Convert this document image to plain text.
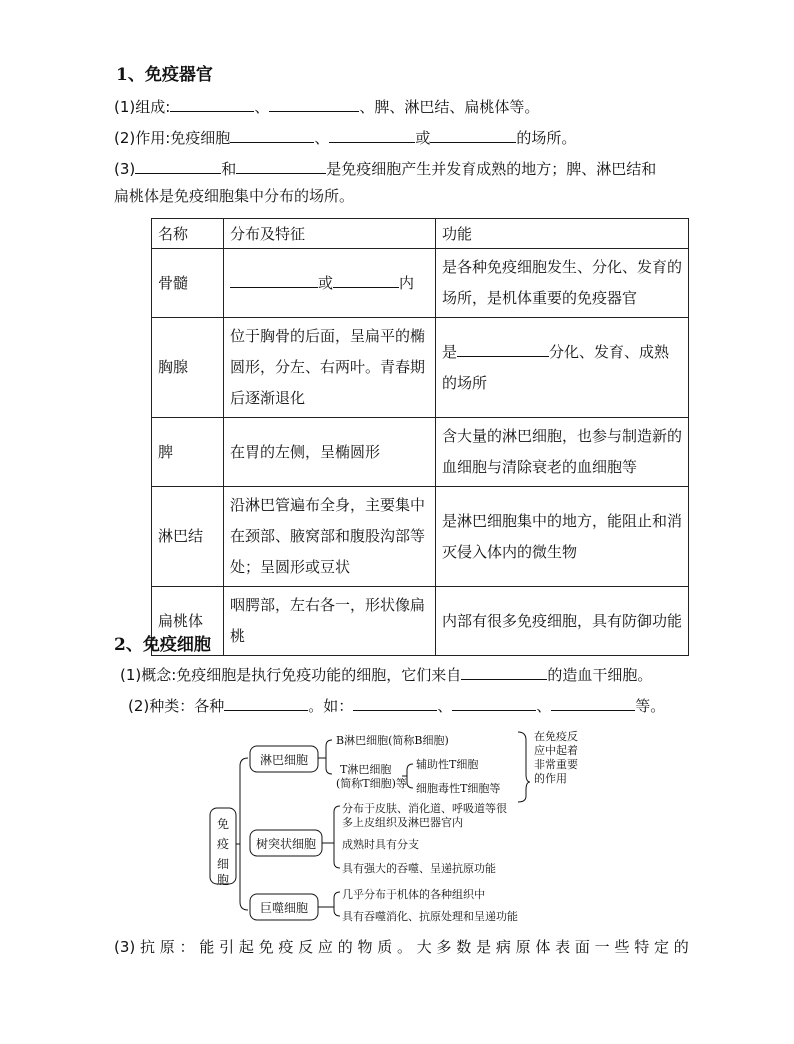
1、免疫器官
(1)组成:	、	、脾、淋巴结、扁桃体等。
(2)作用:免疫细胞	、	或	的场所。
(3)	和	是免疫细胞产生并发育成熟的地方；脾、淋巴结和
扁桃体是免疫细胞集中分布的场所。
名称	分布及特征	功能
骨髓	或 内	是各种免疫细胞发生、分化、发育的场所，是机体重要的免疫器官
胸腺	位于胸骨的后面，呈扁平的椭圆形，分左、右两叶。青春期后逐渐退化	是 分化、发育、成熟的场所
脾	在胃的左侧，呈椭圆形	含大量的淋巴细胞，也参与制造新的血细胞与清除衰老的血细胞等
淋巴结	沿淋巴管遍布全身，主要集中在颈部、腋窝部和腹股沟部等处；呈圆形或豆状	是淋巴细胞集中的地方，能阻止和消灭侵入体内的微生物
扁桃体	咽腭部，左右各一，形状像扁桃	内部有很多免疫细胞，具有防御功能
2、免疫细胞
(1)概念:免疫细胞是执行免疫功能的细胞，它们来自	的造血干细胞。
(2)种类：各种	。如：	、	、	等。
免
疫
细
胞
淋巴细胞
树突状细胞
巨噬细胞
B淋巴细胞(简称B细胞)
T淋巴细胞
(简称T细胞)等
辅助性T细胞
细胞毒性T细胞等
在免疫反
应中起着
非常重要
的作用
分布于皮肤、消化道、呼吸道等很
多上皮组织及淋巴器官内
成熟时具有分支
具有强大的吞噬、呈递抗原功能
几乎分布于机体的各种组织中
具有吞噬消化、抗原处理和呈递功能
(3) 抗 原 ： 能 引 起 免 疫 反 应 的 物 质 。 大 多 数 是 病 原 体 表 面 一 些 特 定 的
